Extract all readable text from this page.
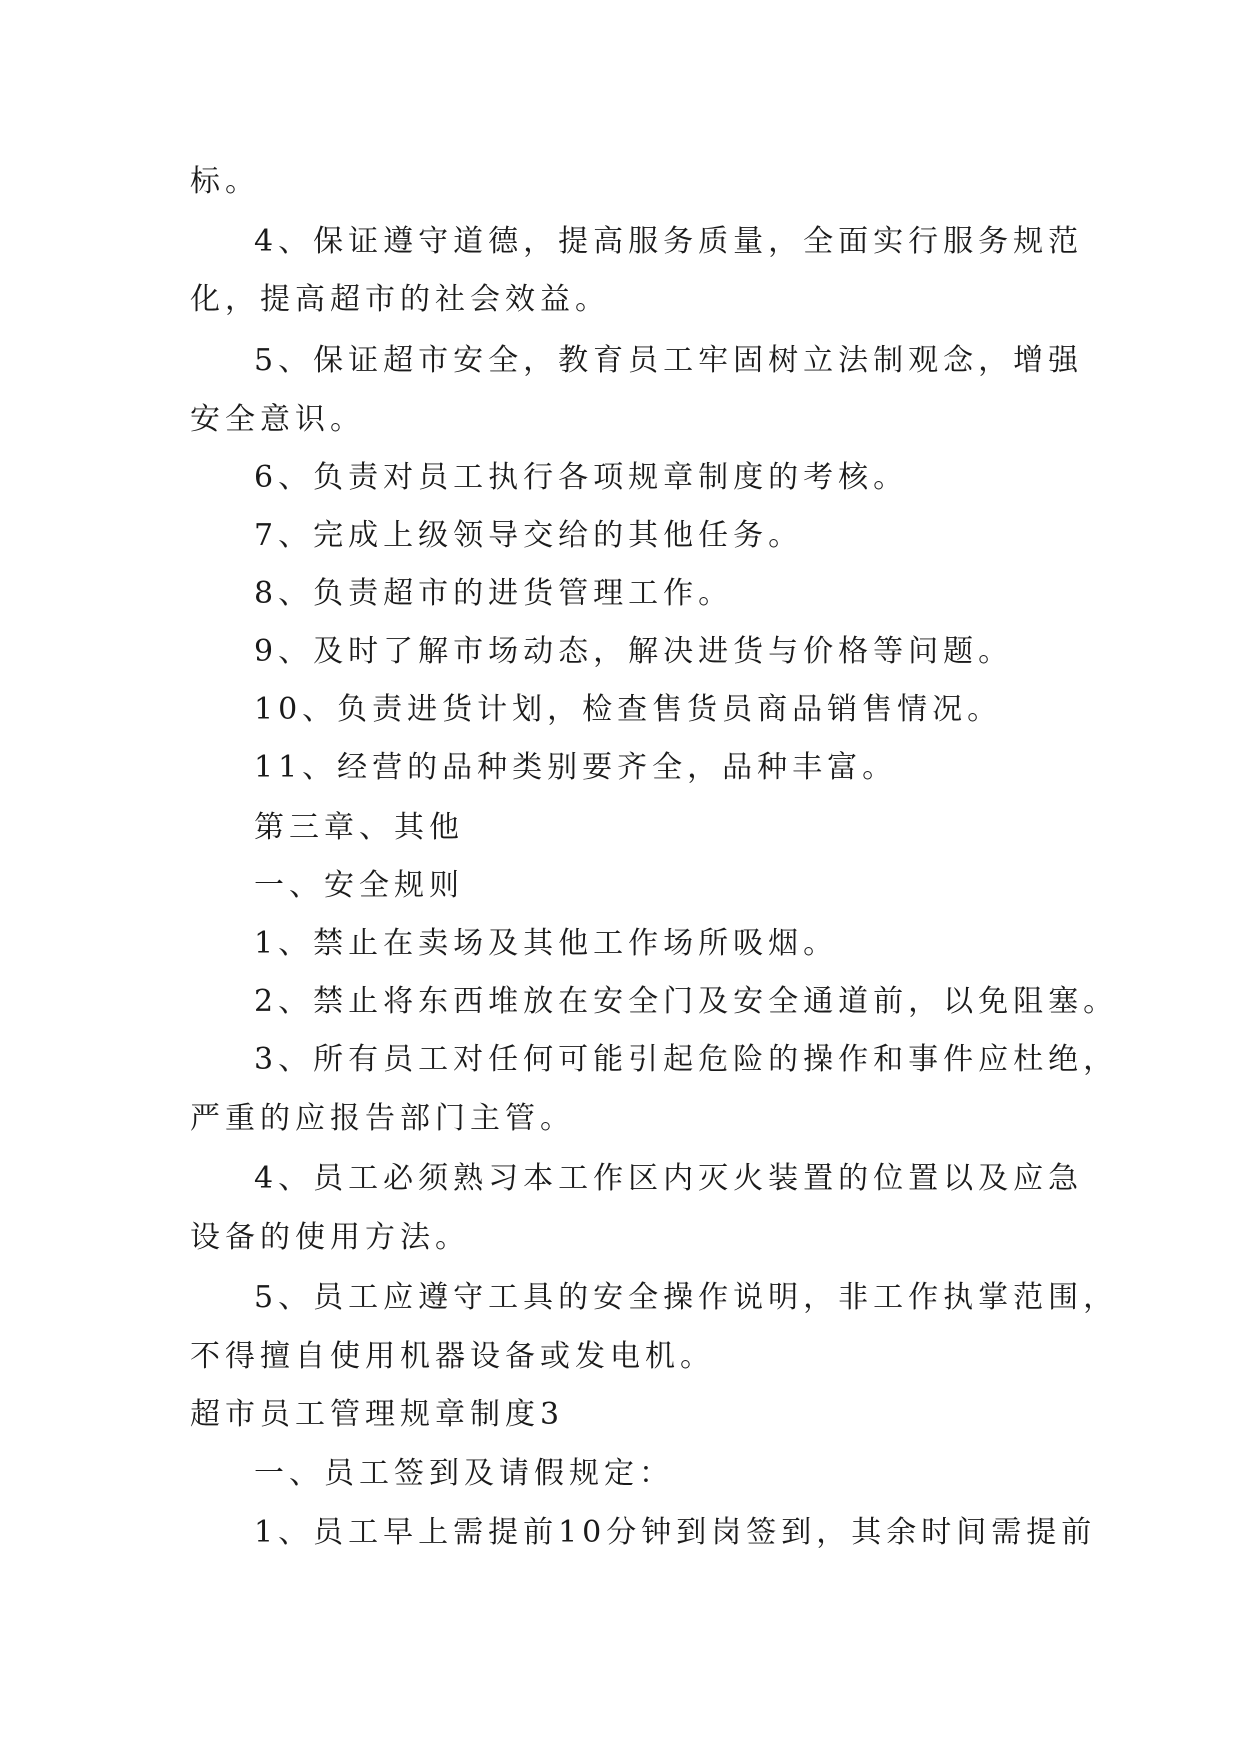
标。

4、保证遵守道德，提高服务质量，全面实行服务规范

化，提高超市的社会效益。

5、保证超市安全，教育员工牢固树立法制观念，增强

安全意识。

6、负责对员工执行各项规章制度的考核。

7、完成上级领导交给的其他任务。

8、负责超市的进货管理工作。

9、及时了解市场动态，解决进货与价格等问题。

10、负责进货计划，检查售货员商品销售情况。

11、经营的品种类别要齐全，品种丰富。

第三章、其他

一、安全规则

1、禁止在卖场及其他工作场所吸烟。

2、禁止将东西堆放在安全门及安全通道前，以免阻塞。

3、所有员工对任何可能引起危险的操作和事件应杜绝，

严重的应报告部门主管。

4、员工必须熟习本工作区内灭火装置的位置以及应急

设备的使用方法。

5、员工应遵守工具的安全操作说明，非工作执掌范围，

不得擅自使用机器设备或发电机。

超市员工管理规章制度3

一、员工签到及请假规定：

1、员工早上需提前10分钟到岗签到，其余时间需提前
